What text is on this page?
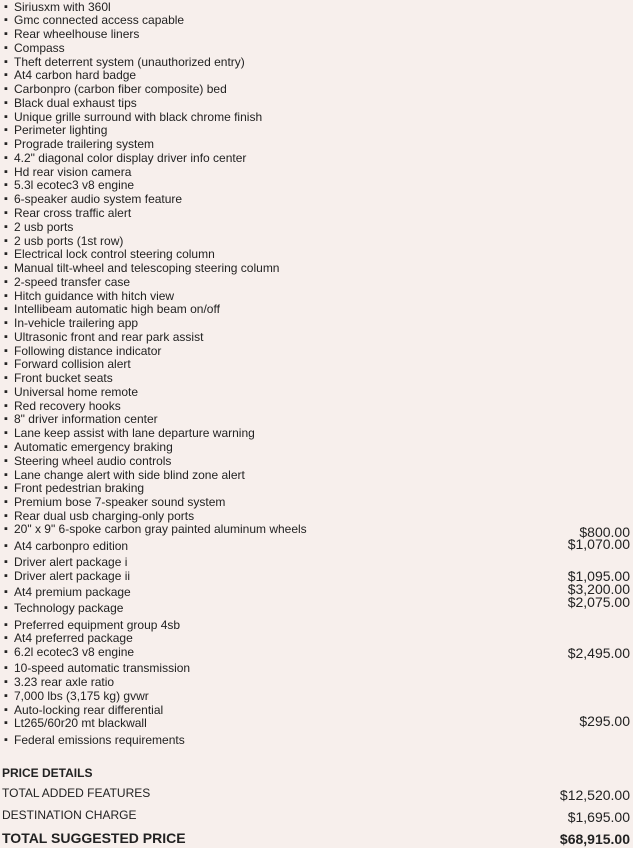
▪ Siriusxm with 360l
▪ Gmc connected access capable
▪ Rear wheelhouse liners
▪ Compass
▪ Theft deterrent system (unauthorized entry)
▪ At4 carbon hard badge
▪ Carbonpro (carbon fiber composite) bed
▪ Black dual exhaust tips
▪ Unique grille surround with black chrome finish
▪ Perimeter lighting
▪ Prograde trailering system
▪ 4.2" diagonal color display driver info center
▪ Hd rear vision camera
▪ 5.3l ecotec3 v8 engine
▪ 6-speaker audio system feature
▪ Rear cross traffic alert
▪ 2 usb ports
▪ 2 usb ports (1st row)
▪ Electrical lock control steering column
▪ Manual tilt-wheel and telescoping steering column
▪ 2-speed transfer case
▪ Hitch guidance with hitch view
▪ Intellibeam automatic high beam on/off
▪ In-vehicle trailering app
▪ Ultrasonic front and rear park assist
▪ Following distance indicator
▪ Forward collision alert
▪ Front bucket seats
▪ Universal home remote
▪ Red recovery hooks
▪ 8" driver information center
▪ Lane keep assist with lane departure warning
▪ Automatic emergency braking
▪ Steering wheel audio controls
▪ Lane change alert with side blind zone alert
▪ Front pedestrian braking
▪ Premium bose 7-speaker sound system
▪ Rear dual usb charging-only ports
▪ 20" x 9" 6-spoke carbon gray painted aluminum wheels	$800.00
▪ At4 carbonpro edition	$1,070.00
▪ Driver alert package i
▪ Driver alert package ii	$1,095.00
▪ At4 premium package	$3,200.00
▪ Technology package	$2,075.00
▪ Preferred equipment group 4sb
▪ At4 preferred package
▪ 6.2l ecotec3 v8 engine	$2,495.00
▪ 10-speed automatic transmission
▪ 3.23 rear axle ratio
▪ 7,000 lbs (3,175 kg) gvwr
▪ Auto-locking rear differential
▪ Lt265/60r20 mt blackwall	$295.00
▪ Federal emissions requirements
PRICE DETAILS
TOTAL ADDED FEATURES	$12,520.00
DESTINATION CHARGE	$1,695.00
TOTAL SUGGESTED PRICE	$68,915.00
